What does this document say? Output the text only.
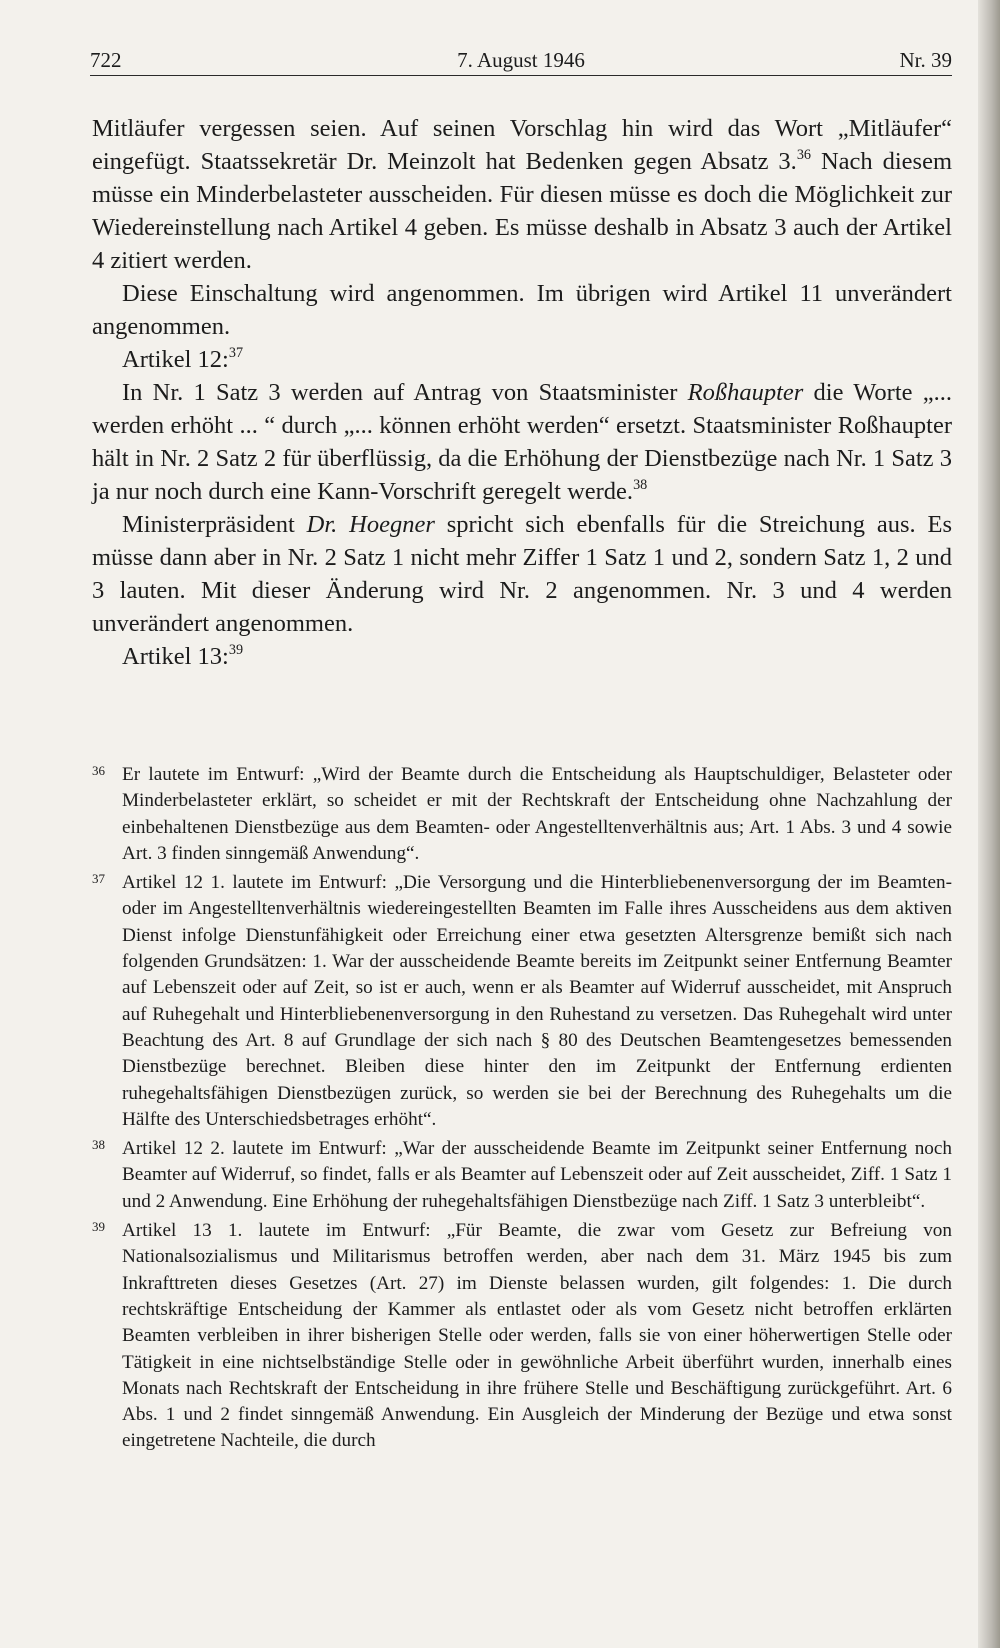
722	7. August 1946	Nr. 39

Mitläufer vergessen seien. Auf seinen Vorschlag hin wird das Wort „Mitläufer“ eingefügt. Staatssekretär Dr. Meinzolt hat Bedenken gegen Absatz 3.36 Nach diesem müsse ein Minderbelasteter ausscheiden. Für diesen müsse es doch die Möglichkeit zur Wiedereinstellung nach Artikel 4 geben. Es müsse deshalb in Absatz 3 auch der Artikel 4 zitiert werden.

Diese Einschaltung wird angenommen. Im übrigen wird Artikel 11 unverändert angenommen.

Artikel 12:$^{37}$

In Nr. 1 Satz 3 werden auf Antrag von Staatsminister Roßhaupter die Worte „... werden erhöht ... “ durch „... können erhöht werden“ ersetzt. Staatsminister Roßhaupter hält in Nr. 2 Satz 2 für überflüssig, da die Erhöhung der Dienstbezüge nach Nr. 1 Satz 3 ja nur noch durch eine Kann-Vorschrift geregelt werde.$^{38}$

Ministerpräsident Dr. Hoegner spricht sich ebenfalls für die Streichung aus. Es müsse dann aber in Nr. 2 Satz 1 nicht mehr Ziffer 1 Satz 1 und 2, sondern Satz 1, 2 und 3 lauten. Mit dieser Änderung wird Nr. 2 angenommen. Nr. 3 und 4 werden unverändert angenommen.

Artikel 13:$^{39}$

36 Er lautete im Entwurf: „Wird der Beamte durch die Entscheidung als Hauptschuldiger, Belasteter oder Minderbelasteter erklärt, so scheidet er mit der Rechtskraft der Entscheidung ohne Nachzahlung der einbehaltenen Dienstbezüge aus dem Beamten- oder Angestelltenverhältnis aus; Art. 1 Abs. 3 und 4 sowie Art. 3 finden sinngemäß Anwendung“.
37 Artikel 12 1. lautete im Entwurf: „Die Versorgung und die Hinterbliebenenversorgung der im Beamten- oder im Angestelltenverhältnis wiedereingestellten Beamten im Falle ihres Ausscheidens aus dem aktiven Dienst infolge Dienstunfähigkeit oder Erreichung einer etwa gesetzten Altersgrenze bemißt sich nach folgenden Grundsätzen: 1. War der ausscheidende Beamte bereits im Zeitpunkt seiner Entfernung Beamter auf Lebenszeit oder auf Zeit, so ist er auch, wenn er als Beamter auf Widerruf ausscheidet, mit Anspruch auf Ruhegehalt und Hinterbliebenenversorgung in den Ruhestand zu versetzen. Das Ruhegehalt wird unter Beachtung des Art. 8 auf Grundlage der sich nach § 80 des Deutschen Beamtengesetzes bemessenden Dienstbezüge berechnet. Bleiben diese hinter den im Zeitpunkt der Entfernung erdienten ruhegehaltsfähigen Dienstbezügen zurück, so werden sie bei der Berechnung des Ruhegehalts um die Hälfte des Unterschiedsbetrages erhöht“.
38 Artikel 12 2. lautete im Entwurf: „War der ausscheidende Beamte im Zeitpunkt seiner Entfernung noch Beamter auf Widerruf, so findet, falls er als Beamter auf Lebenszeit oder auf Zeit ausscheidet, Ziff. 1 Satz 1 und 2 Anwendung. Eine Erhöhung der ruhegehaltsfähigen Dienstbezüge nach Ziff. 1 Satz 3 unterbleibt“.
39 Artikel 13 1. lautete im Entwurf: „Für Beamte, die zwar vom Gesetz zur Befreiung von Nationalsozialismus und Militarismus betroffen werden, aber nach dem 31. März 1945 bis zum Inkrafttreten dieses Gesetzes (Art. 27) im Dienste belassen wurden, gilt folgendes: 1. Die durch rechtskräftige Entscheidung der Kammer als entlastet oder als vom Gesetz nicht betroffen erklärten Beamten verbleiben in ihrer bisherigen Stelle oder werden, falls sie von einer höherwertigen Stelle oder Tätigkeit in eine nichtselbständige Stelle oder in gewöhnliche Arbeit überführt wurden, innerhalb eines Monats nach Rechtskraft der Entscheidung in ihre frühere Stelle und Beschäftigung zurückgeführt. Art. 6 Abs. 1 und 2 findet sinngemäß Anwendung. Ein Ausgleich der Minderung der Bezüge und etwa sonst eingetretene Nachteile, die durch
